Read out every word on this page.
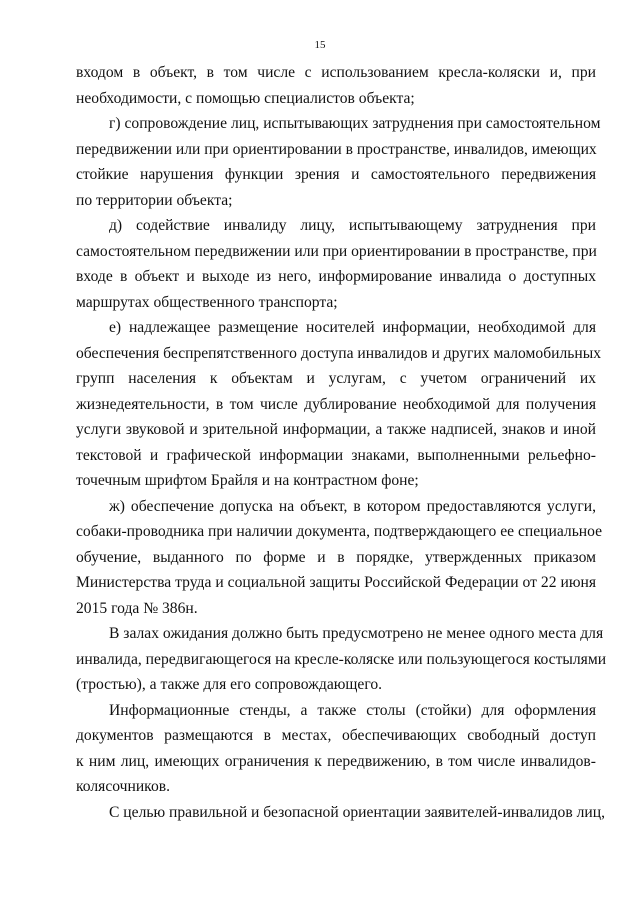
15

входом в объект, в том числе с использованием кресла-коляски и, при
необходимости, с помощью специалистов объекта;

г) сопровождение лиц, испытывающих затруднения при самостоятельном
передвижении или при ориентировании в пространстве, инвалидов, имеющих
стойкие нарушения функции зрения и самостоятельного передвижения
по территории объекта;

д) содействие инвалиду лицу, испытывающему затруднения при
самостоятельном передвижении или при ориентировании в пространстве, при
входе в объект и выходе из него, информирование инвалида о доступных
маршрутах общественного транспорта;

е) надлежащее размещение носителей информации, необходимой для
обеспечения беспрепятственного доступа инвалидов и других маломобильных
групп населения к объектам и услугам, с учетом ограничений их
жизнедеятельности, в том числе дублирование необходимой для получения
услуги звуковой и зрительной информации, а также надписей, знаков и иной
текстовой и графической информации знаками, выполненными рельефно-
точечным шрифтом Брайля и на контрастном фоне;

ж) обеспечение допуска на объект, в котором предоставляются услуги,
собаки-проводника при наличии документа, подтверждающего ее специальное
обучение, выданного по форме и в порядке, утвержденных приказом
Министерства труда и социальной защиты Российской Федерации от 22 июня
2015 года № 386н.

В залах ожидания должно быть предусмотрено не менее одного места для
инвалида, передвигающегося на кресле-коляске или пользующегося костылями
(тростью), а также для его сопровождающего.

Информационные стенды, а также столы (стойки) для оформления
документов размещаются в местах, обеспечивающих свободный доступ
к ним лиц, имеющих ограничения к передвижению, в том числе инвалидов-
колясочников.

С целью правильной и безопасной ориентации заявителей-инвалидов лиц,
